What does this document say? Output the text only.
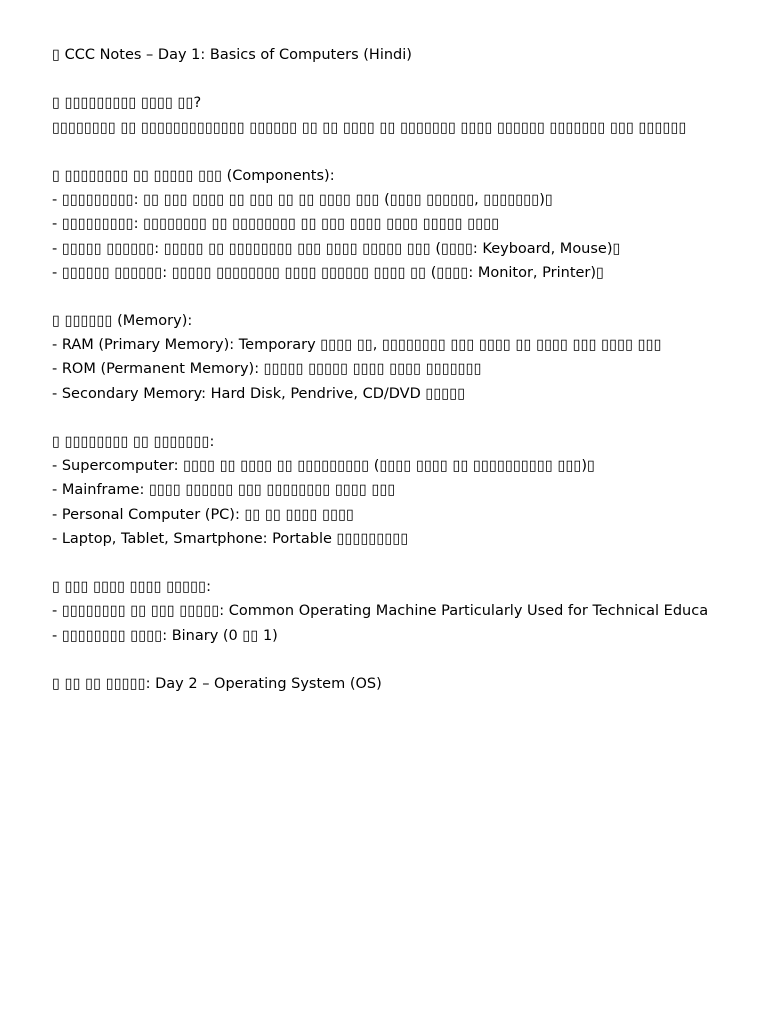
▯ CCC Notes – Day 1: Basics of Computers (Hindi)
▯ ▯▯▯▯▯▯▯▯▯ ▯▯▯▯ ▯▯?
▯▯▯▯▯▯▯▯ ▯▯ ▯▯▯▯▯▯▯▯▯▯▯▯▯ ▯▯▯▯▯▯ ▯▯ ▯▯ ▯▯▯▯ ▯▯ ▯▯▯▯▯▯▯ ▯▯▯▯ ▯▯▯▯▯▯ ▯▯▯▯▯▯▯ ▯▯▯ ▯▯▯▯▯▯
▯ ▯▯▯▯▯▯▯▯ ▯▯ ▯▯▯▯▯ ▯▯▯ (Components):
- ▯▯▯▯▯▯▯▯▯: ▯▯ ▯▯▯ ▯▯▯▯ ▯▯ ▯▯▯ ▯▯ ▯▯ ▯▯▯▯ ▯▯▯ (▯▯▯▯ ▯▯▯▯▯▯, ▯▯▯▯▯▯▯)▯
- ▯▯▯▯▯▯▯▯▯: ▯▯▯▯▯▯▯▯ ▯▯ ▯▯▯▯▯▯▯▯ ▯▯ ▯▯▯ ▯▯▯▯ ▯▯▯▯ ▯▯▯▯▯ ▯▯▯▯
- ▯▯▯▯▯ ▯▯▯▯▯▯: ▯▯▯▯▯ ▯▯ ▯▯▯▯▯▯▯▯ ▯▯▯ ▯▯▯▯ ▯▯▯▯▯ ▯▯▯ (▯▯▯▯: Keyboard, Mouse)▯
- ▯▯▯▯▯▯ ▯▯▯▯▯▯: ▯▯▯▯▯ ▯▯▯▯▯▯▯▯ ▯▯▯▯ ▯▯▯▯▯▯ ▯▯▯▯ ▯▯ (▯▯▯▯: Monitor, Printer)▯
▯ ▯▯▯▯▯▯ (Memory):
- RAM (Primary Memory): Temporary ▯▯▯▯ ▯▯, ▯▯▯▯▯▯▯▯ ▯▯▯ ▯▯▯▯ ▯▯ ▯▯▯▯ ▯▯▯ ▯▯▯▯ ▯▯▯
- ROM (Permanent Memory): ▯▯▯▯▯ ▯▯▯▯▯ ▯▯▯▯ ▯▯▯▯ ▯▯▯▯▯▯▯
- Secondary Memory: Hard Disk, Pendrive, CD/DVD ▯▯▯▯▯
▯ ▯▯▯▯▯▯▯▯ ▯▯ ▯▯▯▯▯▯▯:
- Supercomputer: ▯▯▯▯ ▯▯ ▯▯▯▯ ▯▯ ▯▯▯▯▯▯▯▯▯ (▯▯▯▯ ▯▯▯▯ ▯▯ ▯▯▯▯▯▯▯▯▯▯ ▯▯▯)▯
- Mainframe: ▯▯▯▯ ▯▯▯▯▯▯ ▯▯▯ ▯▯▯▯▯▯▯▯ ▯▯▯▯ ▯▯▯
- Personal Computer (PC): ▯▯ ▯▯ ▯▯▯▯ ▯▯▯▯
- Laptop, Tablet, Smartphone: Portable ▯▯▯▯▯▯▯▯▯
▯ ▯▯▯ ▯▯▯▯ ▯▯▯▯ ▯▯▯▯▯:
- ▯▯▯▯▯▯▯▯ ▯▯ ▯▯▯ ▯▯▯▯▯: Common Operating Machine Particularly Used for Technical Educa
- ▯▯▯▯▯▯▯▯ ▯▯▯▯: Binary (0 ▯▯ 1)
▯ ▯▯ ▯▯ ▯▯▯▯▯: Day 2 – Operating System (OS)
